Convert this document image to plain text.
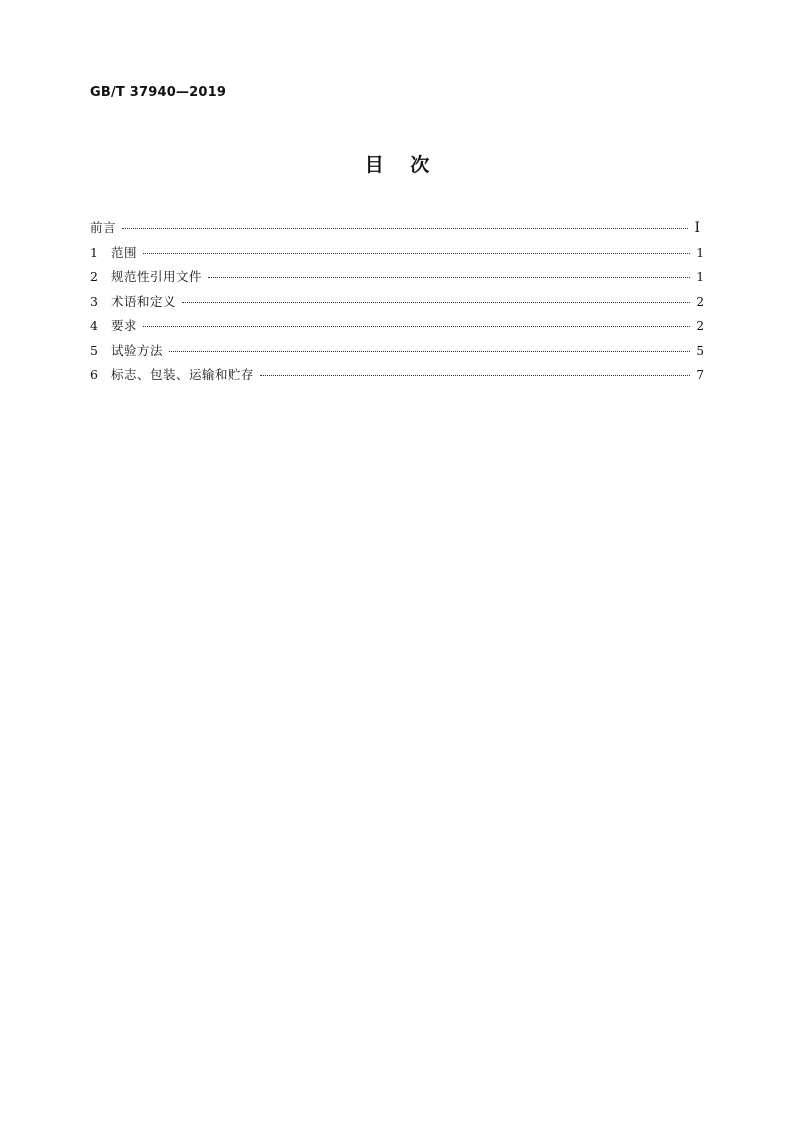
GB/T 37940—2019
目    次
前言	I
1	范围	1
2	规范性引用文件	1
3	术语和定义	2
4	要求	2
5	试验方法	5
6	标志、包装、运输和贮存	7
